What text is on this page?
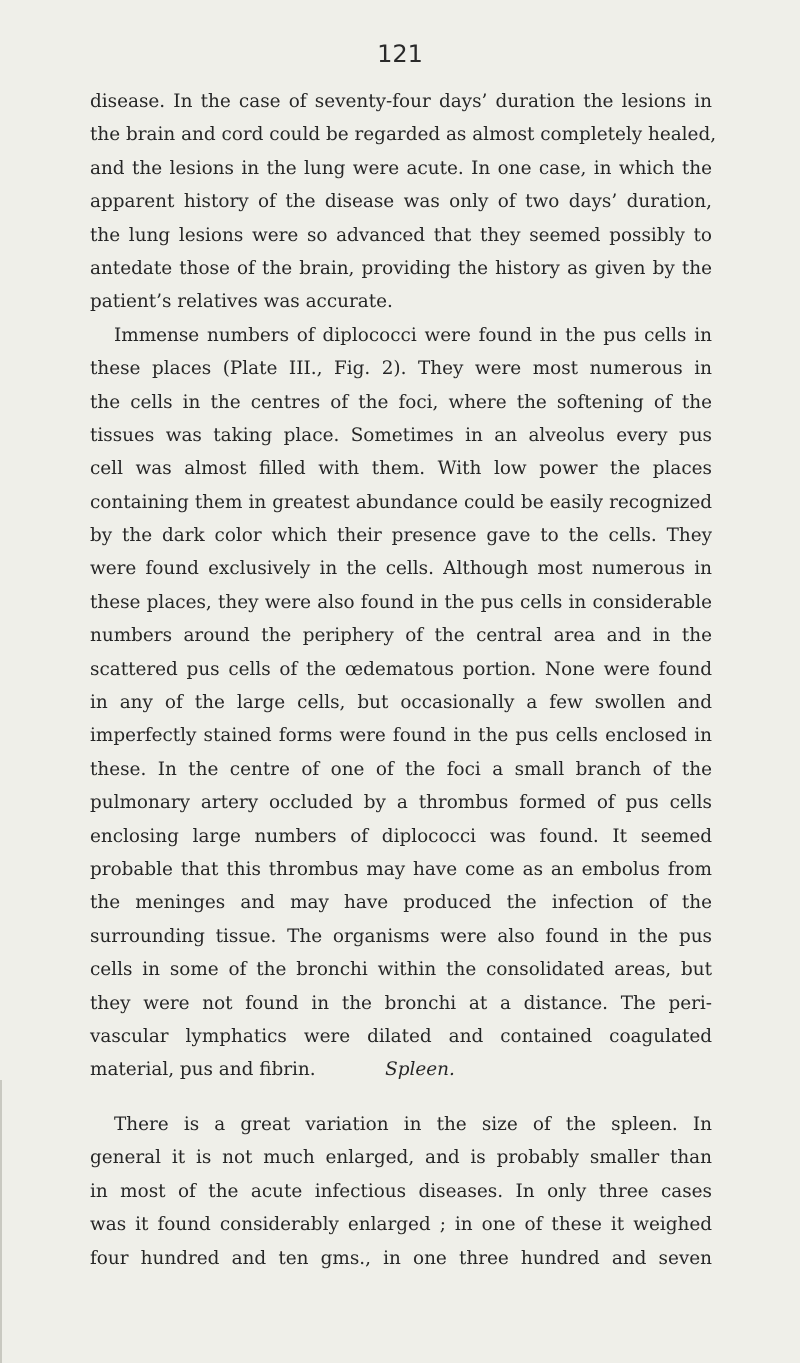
121
disease. In the case of seventy-four days’ duration the lesions in
the brain and cord could be regarded as almost completely healed,
and the lesions in the lung were acute. In one case, in which the
apparent history of the disease was only of two days’ duration,
the lung lesions were so advanced that they seemed possibly to
antedate those of the brain, providing the history as given by the
patient’s relatives was accurate.
Immense numbers of diplococci were found in the pus cells in
these places (Plate III., Fig. 2). They were most numerous in
the cells in the centres of the foci, where the softening of the
tissues was taking place. Sometimes in an alveolus every pus
cell was almost filled with them. With low power the places
containing them in greatest abundance could be easily recognized
by the dark color which their presence gave to the cells. They
were found exclusively in the cells. Although most numerous in
these places, they were also found in the pus cells in considerable
numbers around the periphery of the central area and in the
scattered pus cells of the œdematous portion. None were found
in any of the large cells, but occasionally a few swollen and
imperfectly stained forms were found in the pus cells enclosed in
these. In the centre of one of the foci a small branch of the
pulmonary artery occluded by a thrombus formed of pus cells
enclosing large numbers of diplococci was found. It seemed
probable that this thrombus may have come as an embolus from
the meninges and may have produced the infection of the
surrounding tissue. The organisms were also found in the pus
cells in some of the bronchi within the consolidated areas, but
they were not found in the bronchi at a distance. The peri-
vascular lymphatics were dilated and contained coagulated
material, pus and fibrin.	Spleen.
There is a great variation in the size of the spleen. In
general it is not much enlarged, and is probably smaller than
in most of the acute infectious diseases. In only three cases
was it found considerably enlarged ; in one of these it weighed
four hundred and ten gms., in one three hundred and seven
